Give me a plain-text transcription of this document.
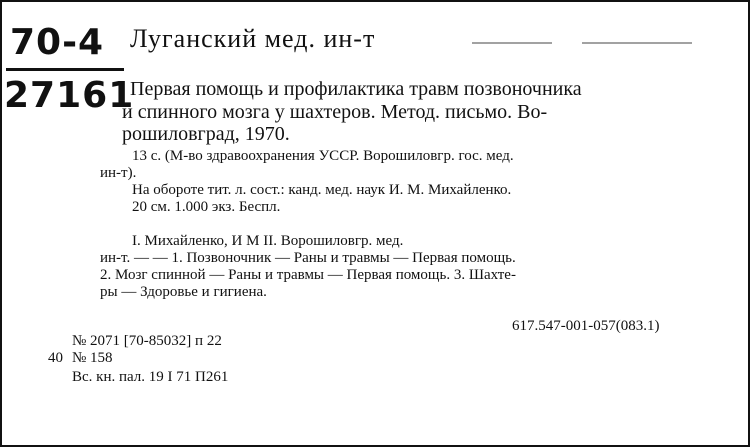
70-4
27161
Луганский мед. ин-т
Первая помощь и профилактика травм позвоночника
и спинного мозга у шахтеров. Метод. письмо. Во-
рошиловград, 1970.
13 с. (М-во здравоохранения УССР. Ворошиловгр. гос. мед.
ин-т).
На обороте тит. л. сост.: канд. мед. наук И. М. Михайленко.
20 см. 1.000 экз. Беспл.
I. Михайленко, И М II. Ворошиловгр. мед.
ин-т. — — 1. Позвоночник — Раны и травмы — Первая помощь.
2. Мозг спинной — Раны и травмы — Первая помощь. 3. Шахте-
ры — Здоровье и гигиена.
617.547-001-057(083.1)
№ 2071 [70-85032] п 22
40 № 158
Вс. кн. пал. 19 I 71 П261
